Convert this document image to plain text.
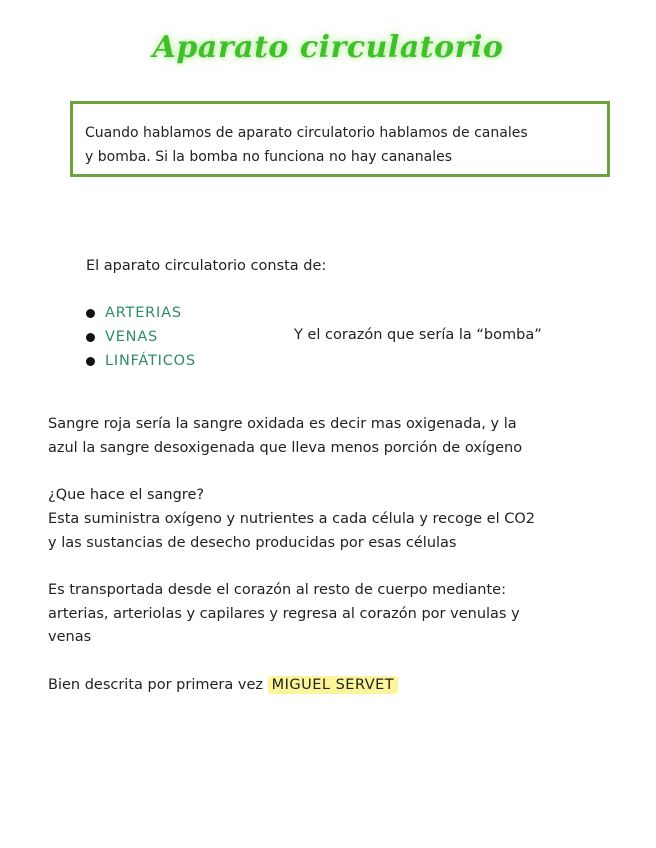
Aparato circulatorio
Cuando hablamos de aparato circulatorio hablamos de canales
y bomba. Si la bomba no funciona no hay cananales
El aparato circulatorio consta de:
ARTERIAS
VENAS
LINFÁTICOS
Y el corazón que sería la “bomba”
Sangre roja sería la sangre oxidada es decir mas oxigenada, y la
azul la sangre desoxigenada que lleva menos porción de oxígeno
¿Que hace el sangre?
Esta suministra oxígeno y nutrientes a cada célula y recoge el CO2
y las sustancias de desecho producidas por esas células
Es transportada desde el corazón al resto de cuerpo mediante:
arterias, arteriolas y capilares y regresa al corazón por venulas y
venas
Bien descrita por primera vez MIGUEL SERVET
